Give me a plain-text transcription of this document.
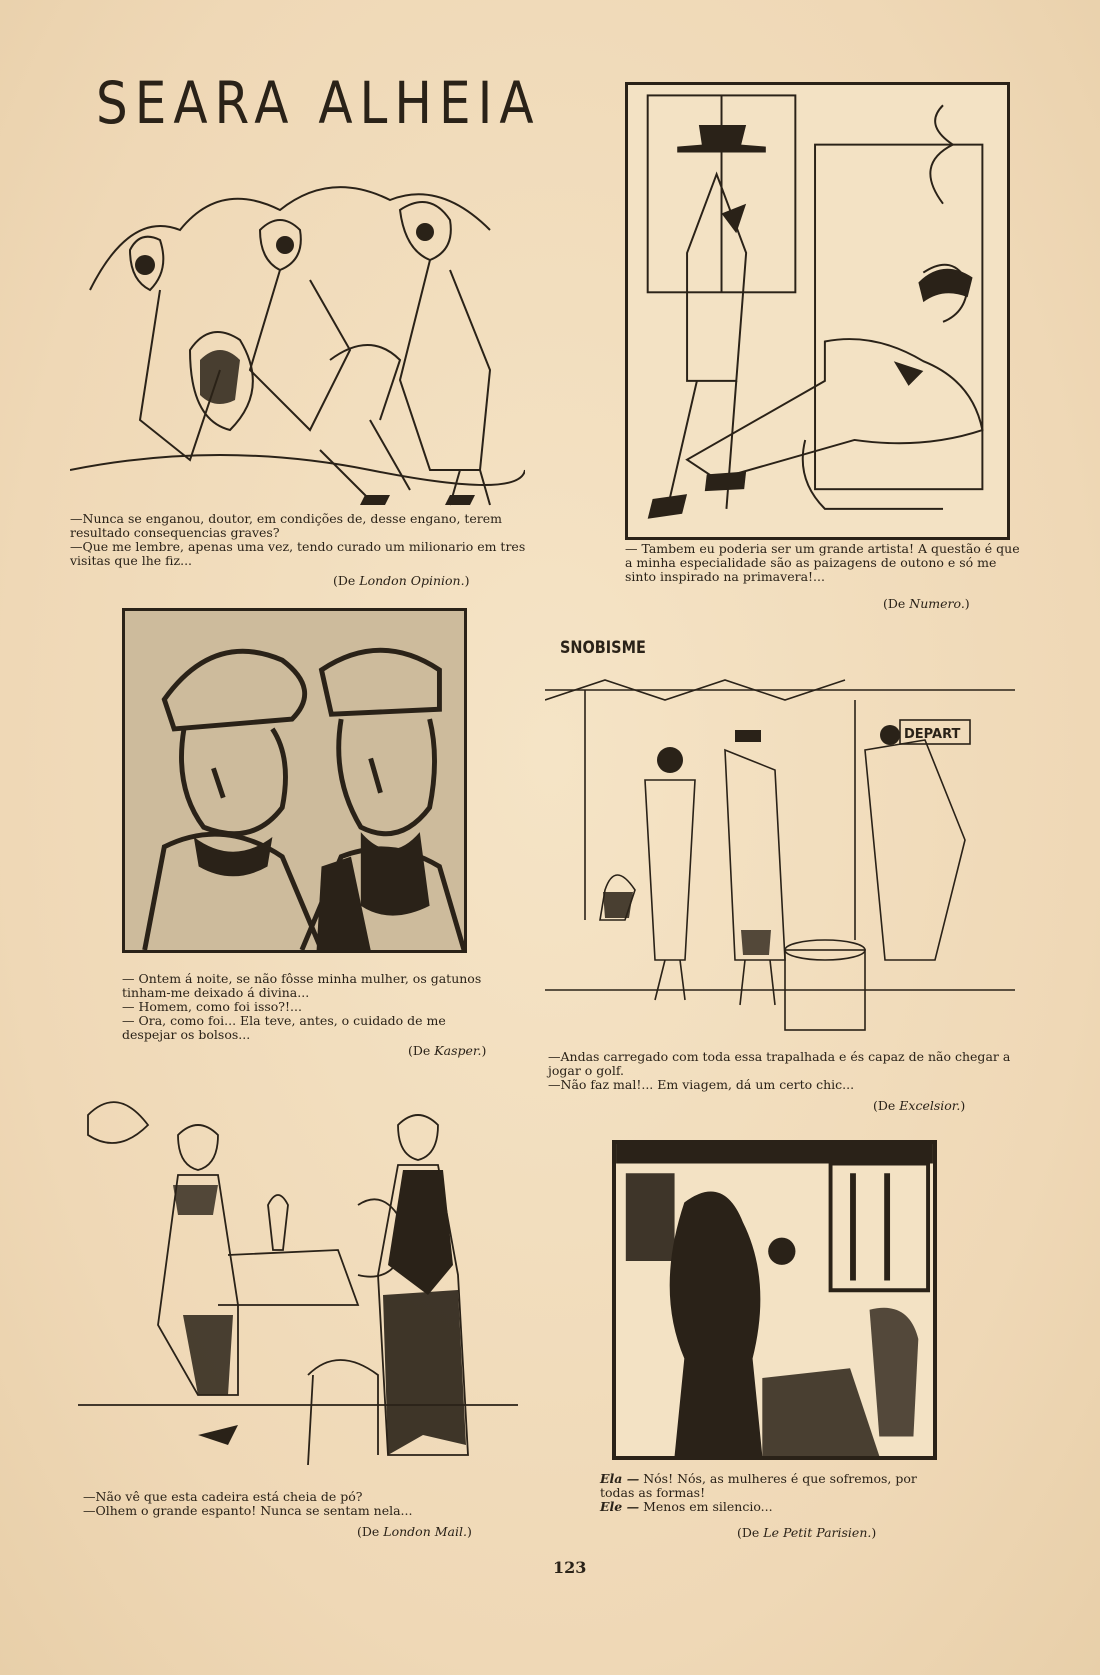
SEARA ALHEIA

—Nunca se enganou, doutor, em condições de, desse engano, terem resultado consequencias graves?

—Que me lembre, apenas uma vez, tendo curado um milionario em tres visitas que lhe fiz...

(De London Opinion.)

— Tambem eu poderia ser um grande artista! A questão é que a minha especialidade são as paizagens de outono e só me sinto inspirado na primavera!...

(De Numero.)

— Ontem á noite, se não fôsse minha mulher, os gatunos tinham-me deixado á divina...

— Homem, como foi isso?!...

— Ora, como foi... Ela teve, antes, o cuidado de me despejar os bolsos...

(De Kasper.)
SNOBISME
DEPART

—Andas carregado com toda essa trapalhada e és capaz de não chegar a jogar o golf.

—Não faz mal!... Em viagem, dá um certo chic...

(De Excelsior.)

—Não vê que esta cadeira está cheia de pó?

—Olhem o grande espanto! Nunca se sentam nela...

(De London Mail.)

Ela — Nós! Nós, as mulheres é que sofremos, por todas as formas!

Ele — Menos em silencio...

(De Le Petit Parisien.)
123
